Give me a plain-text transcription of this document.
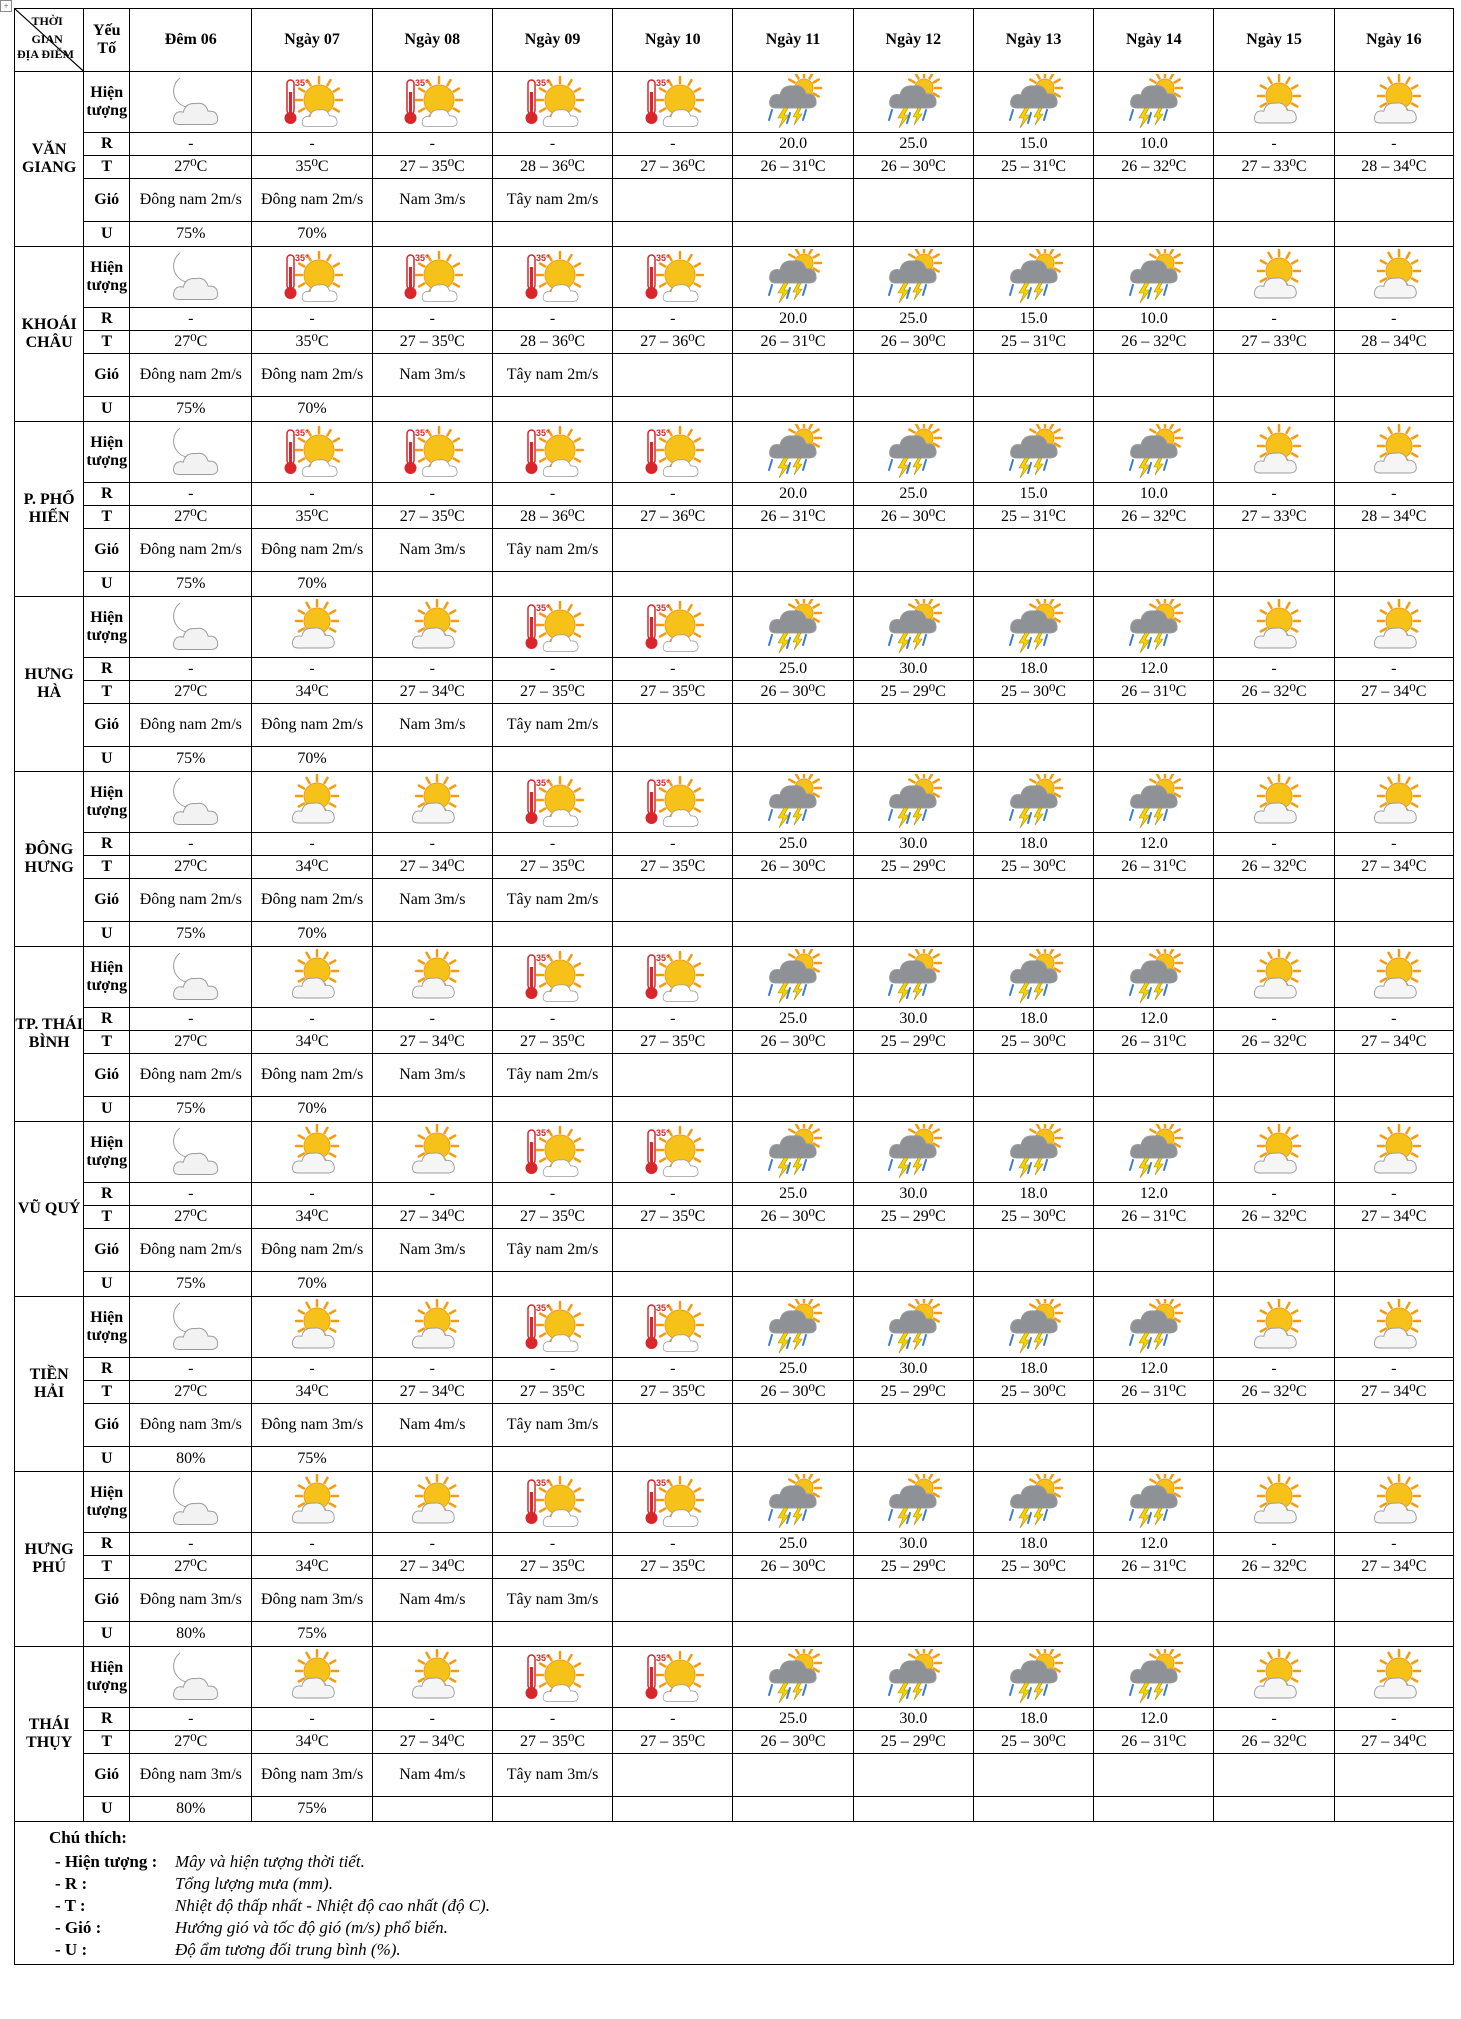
+
THỜI GIAN
ĐỊA ĐIỂM	Yếu Tố	Đêm 06	Ngày 07	Ngày 08	Ngày 09	Ngày 10	Ngày 11	Ngày 12	Ngày 13	Ngày 14	Ngày 15	Ngày 16
VĂN GIANG	Hiện tượng		35°	35°	35°	35°

	R	-	-	-	-	-	20.0	25.0	15.0	10.0	-	-
	T	27⁰C	35⁰C	27 – 35⁰C	28 – 36⁰C	27 – 36⁰C	26 – 31⁰C	26 – 30⁰C	25 – 31⁰C	26 – 32⁰C	27 – 33⁰C	28 – 34⁰C
	Gió	Đông nam 2m/s	Đông nam 2m/s	Nam 3m/s	Tây nam 2m/s							
	U	75%	70%									
KHOÁI CHÂU	Hiện tượng		35°	35°	35°	35°

	R	-	-	-	-	-	20.0	25.0	15.0	10.0	-	-
	T	27⁰C	35⁰C	27 – 35⁰C	28 – 36⁰C	27 – 36⁰C	26 – 31⁰C	26 – 30⁰C	25 – 31⁰C	26 – 32⁰C	27 – 33⁰C	28 – 34⁰C
	Gió	Đông nam 2m/s	Đông nam 2m/s	Nam 3m/s	Tây nam 2m/s							
	U	75%	70%									
P. PHỐ HIẾN	Hiện tượng		35°	35°	35°	35°

	R	-	-	-	-	-	20.0	25.0	15.0	10.0	-	-
	T	27⁰C	35⁰C	27 – 35⁰C	28 – 36⁰C	27 – 36⁰C	26 – 31⁰C	26 – 30⁰C	25 – 31⁰C	26 – 32⁰C	27 – 33⁰C	28 – 34⁰C
	Gió	Đông nam 2m/s	Đông nam 2m/s	Nam 3m/s	Tây nam 2m/s							
	U	75%	70%									
HƯNG HÀ	Hiện tượng				35°	35°

	R	-	-	-	-	-	25.0	30.0	18.0	12.0	-	-
	T	27⁰C	34⁰C	27 – 34⁰C	27 – 35⁰C	27 – 35⁰C	26 – 30⁰C	25 – 29⁰C	25 – 30⁰C	26 – 31⁰C	26 – 32⁰C	27 – 34⁰C
	Gió	Đông nam 2m/s	Đông nam 2m/s	Nam 3m/s	Tây nam 2m/s							
	U	75%	70%									
ĐÔNG HƯNG	Hiện tượng				35°	35°

	R	-	-	-	-	-	25.0	30.0	18.0	12.0	-	-
	T	27⁰C	34⁰C	27 – 34⁰C	27 – 35⁰C	27 – 35⁰C	26 – 30⁰C	25 – 29⁰C	25 – 30⁰C	26 – 31⁰C	26 – 32⁰C	27 – 34⁰C
	Gió	Đông nam 2m/s	Đông nam 2m/s	Nam 3m/s	Tây nam 2m/s							
	U	75%	70%									
TP. THÁI BÌNH	Hiện tượng				35°	35°

	R	-	-	-	-	-	25.0	30.0	18.0	12.0	-	-
	T	27⁰C	34⁰C	27 – 34⁰C	27 – 35⁰C	27 – 35⁰C	26 – 30⁰C	25 – 29⁰C	25 – 30⁰C	26 – 31⁰C	26 – 32⁰C	27 – 34⁰C
	Gió	Đông nam 2m/s	Đông nam 2m/s	Nam 3m/s	Tây nam 2m/s							
	U	75%	70%									
VŨ QUÝ	Hiện tượng				35°	35°

	R	-	-	-	-	-	25.0	30.0	18.0	12.0	-	-
	T	27⁰C	34⁰C	27 – 34⁰C	27 – 35⁰C	27 – 35⁰C	26 – 30⁰C	25 – 29⁰C	25 – 30⁰C	26 – 31⁰C	26 – 32⁰C	27 – 34⁰C
	Gió	Đông nam 2m/s	Đông nam 2m/s	Nam 3m/s	Tây nam 2m/s							
	U	75%	70%									
TIỀN HẢI	Hiện tượng				35°	35°

	R	-	-	-	-	-	25.0	30.0	18.0	12.0	-	-
	T	27⁰C	34⁰C	27 – 34⁰C	27 – 35⁰C	27 – 35⁰C	26 – 30⁰C	25 – 29⁰C	25 – 30⁰C	26 – 31⁰C	26 – 32⁰C	27 – 34⁰C
	Gió	Đông nam 3m/s	Đông nam 3m/s	Nam 4m/s	Tây nam 3m/s							
	U	80%	75%									
HƯNG PHÚ	Hiện tượng				35°	35°

	R	-	-	-	-	-	25.0	30.0	18.0	12.0	-	-
	T	27⁰C	34⁰C	27 – 34⁰C	27 – 35⁰C	27 – 35⁰C	26 – 30⁰C	25 – 29⁰C	25 – 30⁰C	26 – 31⁰C	26 – 32⁰C	27 – 34⁰C
	Gió	Đông nam 3m/s	Đông nam 3m/s	Nam 4m/s	Tây nam 3m/s							
	U	80%	75%									
THÁI THỤY	Hiện tượng				35°	35°

	R	-	-	-	-	-	25.0	30.0	18.0	12.0	-	-
	T	27⁰C	34⁰C	27 – 34⁰C	27 – 35⁰C	27 – 35⁰C	26 – 30⁰C	25 – 29⁰C	25 – 30⁰C	26 – 31⁰C	26 – 32⁰C	27 – 34⁰C
	Gió	Đông nam 3m/s	Đông nam 3m/s	Nam 4m/s	Tây nam 3m/s							
	U	80%	75%									
Chú thích:
- Hiện tượng : Mây và hiện tượng thời tiết.
- R :	Tổng lượng mưa (mm).
- T :	Nhiệt độ thấp nhất - Nhiệt độ cao nhất (độ C).
- Gió :	Hướng gió và tốc độ gió (m/s) phổ biến.
- U :	Độ ẩm tương đối trung bình (%).
